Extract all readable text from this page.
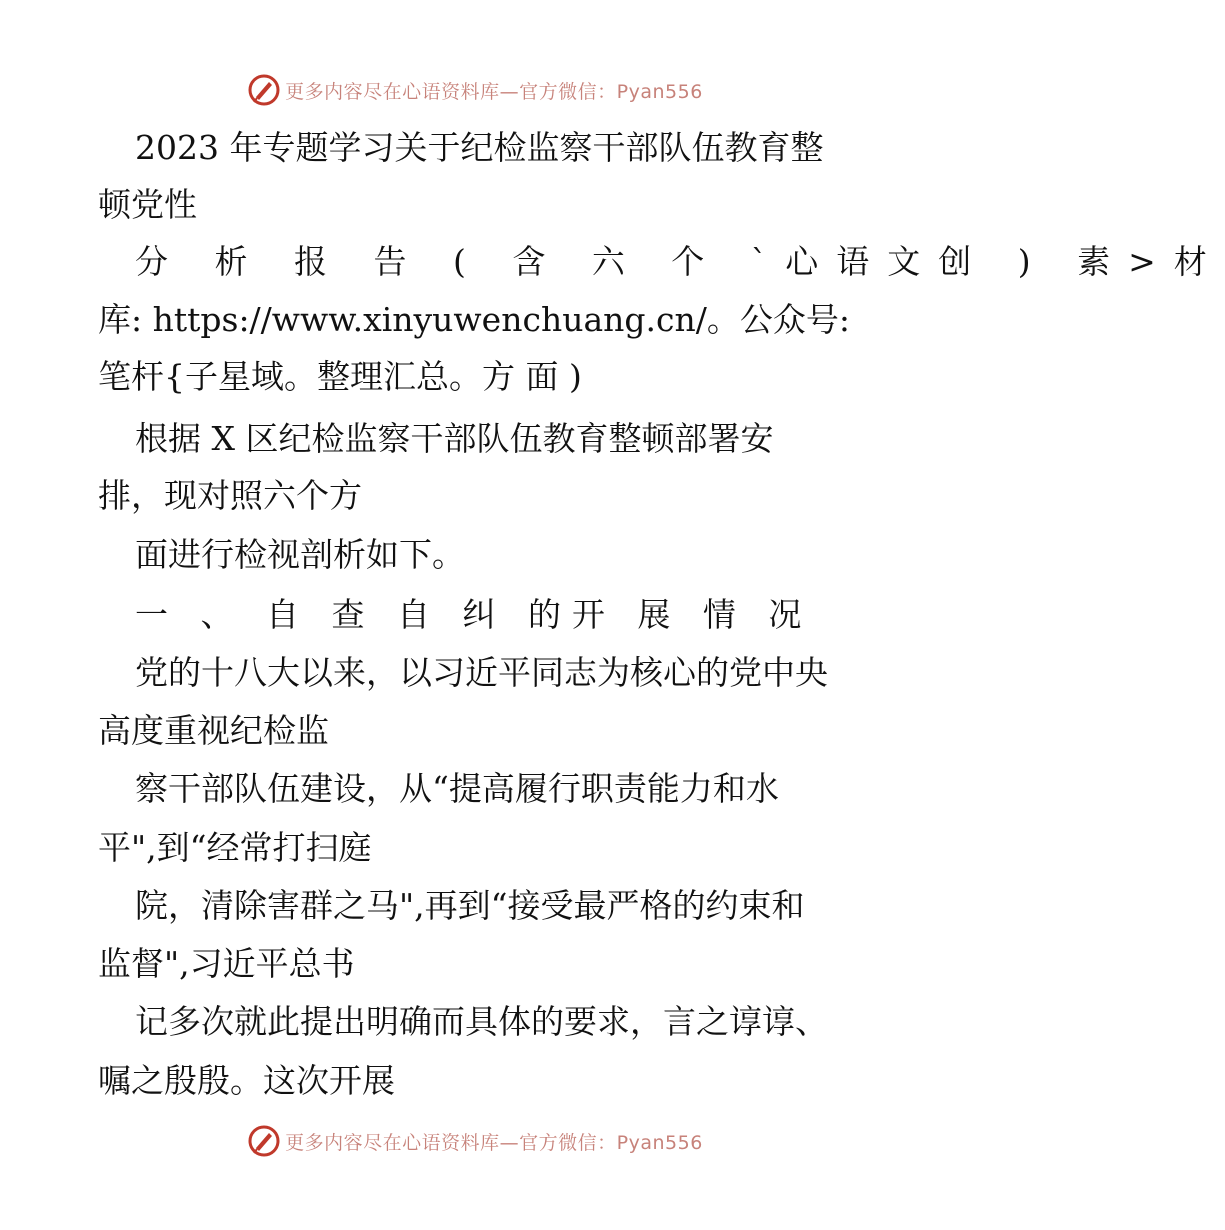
更多内容尽在心语资料库—官方微信：Pyan556
2023 年专题学习关于纪检监察干部队伍教育整
顿党性
分 析 报 告 ( 含 六 个 `心语文创 ) 素>材
库: https://www.xinyuwenchuang.cn/。公众号:
笔杆{子星域。整理汇总。方 面 )
根据 X 区纪检监察干部队伍教育整顿部署安
排，现对照六个方
面进行检视剖析如下。
一 、 自 查 自 纠 的开 展 情 况
党的十八大以来，以习近平同志为核心的党中央
高度重视纪检监
察干部队伍建设，从“提高履行职责能力和水
平",到“经常打扫庭
院，清除害群之马",再到“接受最严格的约束和
监督",习近平总书
记多次就此提出明确而具体的要求，言之谆谆、
嘱之殷殷。这次开展
更多内容尽在心语资料库—官方微信：Pyan556
